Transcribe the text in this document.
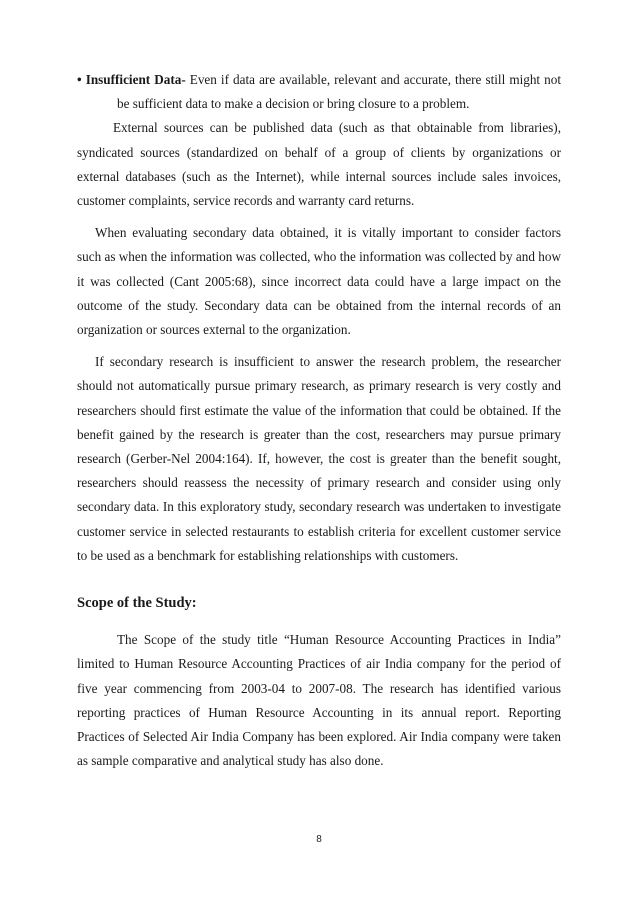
• Insufficient Data- Even if data are available, relevant and accurate, there still might not be sufficient data to make a decision or bring closure to a problem.

External sources can be published data (such as that obtainable from libraries), syndicated sources (standardized on behalf of a group of clients by organizations or external databases (such as the Internet), while internal sources include sales invoices, customer complaints, service records and warranty card returns.

When evaluating secondary data obtained, it is vitally important to consider factors such as when the information was collected, who the information was collected by and how it was collected (Cant 2005:68), since incorrect data could have a large impact on the outcome of the study. Secondary data can be obtained from the internal records of an organization or sources external to the organization.

If secondary research is insufficient to answer the research problem, the researcher should not automatically pursue primary research, as primary research is very costly and researchers should first estimate the value of the information that could be obtained. If the benefit gained by the research is greater than the cost, researchers may pursue primary research (Gerber-Nel 2004:164). If, however, the cost is greater than the benefit sought, researchers should reassess the necessity of primary research and consider using only secondary data. In this exploratory study, secondary research was undertaken to investigate customer service in selected restaurants to establish criteria for excellent customer service to be used as a benchmark for establishing relationships with customers.

Scope of the Study:

The Scope of the study title “Human Resource Accounting Practices in India” limited to Human Resource Accounting Practices of air India company for the period of five year commencing from 2003-04 to 2007-08. The research has identified various reporting practices of Human Resource Accounting in its annual report. Reporting Practices of Selected Air India Company has been explored. Air India company were taken as sample comparative and analytical study has also done.

8
